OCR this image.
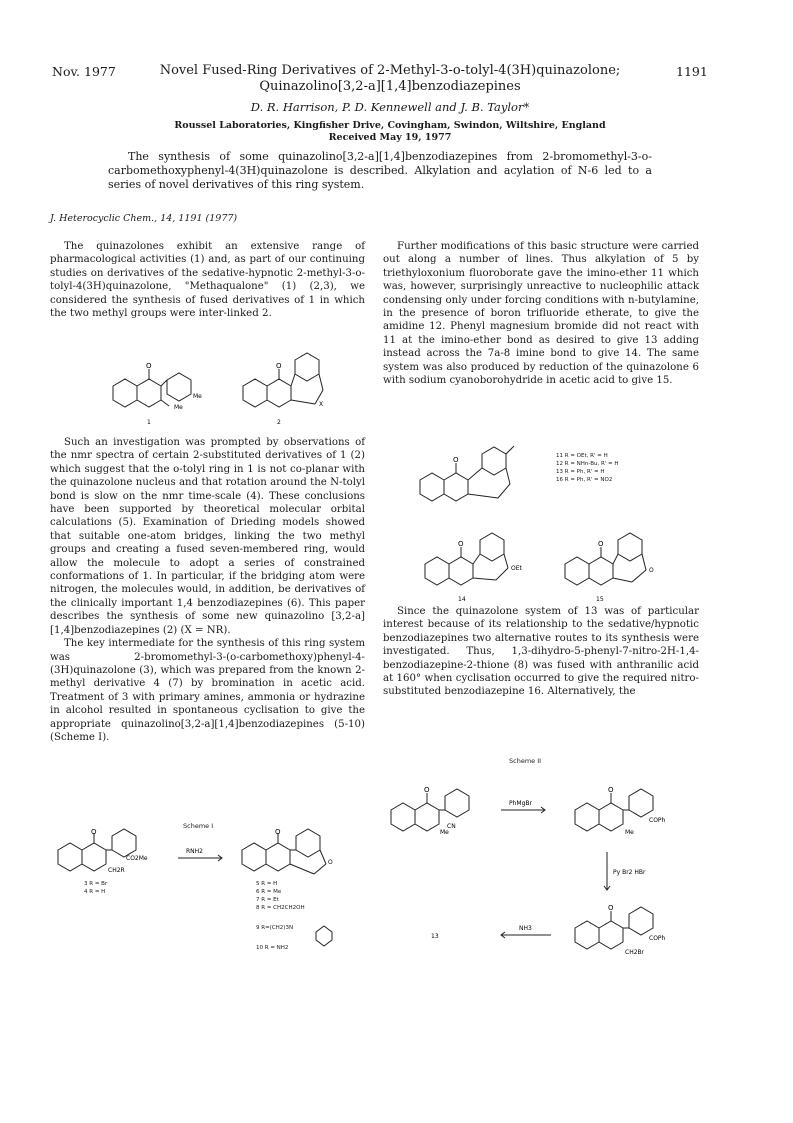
Nov. 1977	Novel Fused-Ring Derivatives of 2-Methyl-3-o-tolyl-4(3H)quinazolone;
Quinazolino[3,2-a][1,4]benzodiazepines
1191
D. R. Harrison, P. D. Kennewell and J. B. Taylor*
Roussel Laboratories, Kingfisher Drive, Covingham, Swindon, Wiltshire, England
Received May 19, 1977
The synthesis of some quinazolino[3,2-a][1,4]benzodiazepines from 2-bromomethyl-3-o-carbomethoxyphenyl-4(3H)quinazolone is described. Alkylation and acylation of N-6 led to a series of novel derivatives of this ring system.
J. Heterocyclic Chem., 14, 1191 (1977)

The quinazolones exhibit an extensive range of pharmacological activities (1) and, as part of our continuing studies on derivatives of the sedative-hypnotic 2-methyl-3-o-tolyl-4(3H)quinazolone, "Methaqualone" (1) (2,3), we considered the synthesis of fused derivatives of 1 in which the two methyl groups were inter-linked 2.

O
Me
Me
1
O
X
2

Such an investigation was prompted by observations of the nmr spectra of certain 2-substituted derivatives of 1 (2) which suggest that the o-tolyl ring in 1 is not co-planar with the quinazolone nucleus and that rotation around the N-tolyl bond is slow on the nmr time-scale (4). These conclusions have been supported by theoretical molecular orbital calculations (5). Examination of Drieding models showed that suitable one-atom bridges, linking the two methyl groups and creating a fused seven-membered ring, would allow the molecule to adopt a series of constrained conformations of 1. In particular, if the bridging atom were nitrogen, the molecules would, in addition, be derivatives of the clinically important 1,4 benzodiazepines (6). This paper describes the synthesis of some new quinazolino [3,2-a][1,4]benzodiazepines (2) (X = NR).

The key intermediate for the synthesis of this ring system was 2-bromomethyl-3-(o-carbomethoxy)phenyl-4-(3H)quinazolone (3), which was prepared from the known 2-methyl derivative 4 (7) by bromination in acetic acid. Treatment of 3 with primary amines, ammonia or hydrazine in alcohol resulted in spontaneous cyclisation to give the appropriate quinazolino[3,2-a][1,4]benzodiazepines (5-10) (Scheme I).

Further modifications of this basic structure were carried out along a number of lines. Thus alkylation of 5 by triethyloxonium fluoroborate gave the imino-ether 11 which was, however, surprisingly unreactive to nucleophilic attack condensing only under forcing conditions with n-butylamine, in the presence of boron trifluoride etherate, to give the amidine 12. Phenyl magnesium bromide did not react with 11 at the imino-ether bond as desired to give 13 adding instead across the 7a-8 imine bond to give 14. The same system was also produced by reduction of the quinazolone 6 with sodium cyanoborohydride in acetic acid to give 15.

O	11 R = OEt, R' = H
12 R = NHn-Bu, R' = H
13 R = Ph, R' = H
16 R = Ph, R' = NO2
O
OEt
14
O
O
15

Since the quinazolone system of 13 was of particular interest because of its relationship to the sedative/hypnotic benzodiazepines two alternative routes to its synthesis were investigated. Thus, 1,3-dihydro-5-phenyl-7-nitro-2H-1,4-benzodiazepine-2-thione (8) was fused with anthranilic acid at 160° when cyclisation occurred to give the required nitro-substituted benzodiazepine 16. Alternatively, the

Scheme I
O
CO2Me
CH2R
RNH2
O
O
3 R = Br
4 R = H
5 R = H
6 R = Me
7 R = Et
8 R = CH2CH2OH
9 R=(CH2)3N
10 R = NH2
Scheme II
O
CN
Me
PhMgBr
O
COPh
Me
Py Br2 HBr
O
COPh
CH2Br
NH3
13
